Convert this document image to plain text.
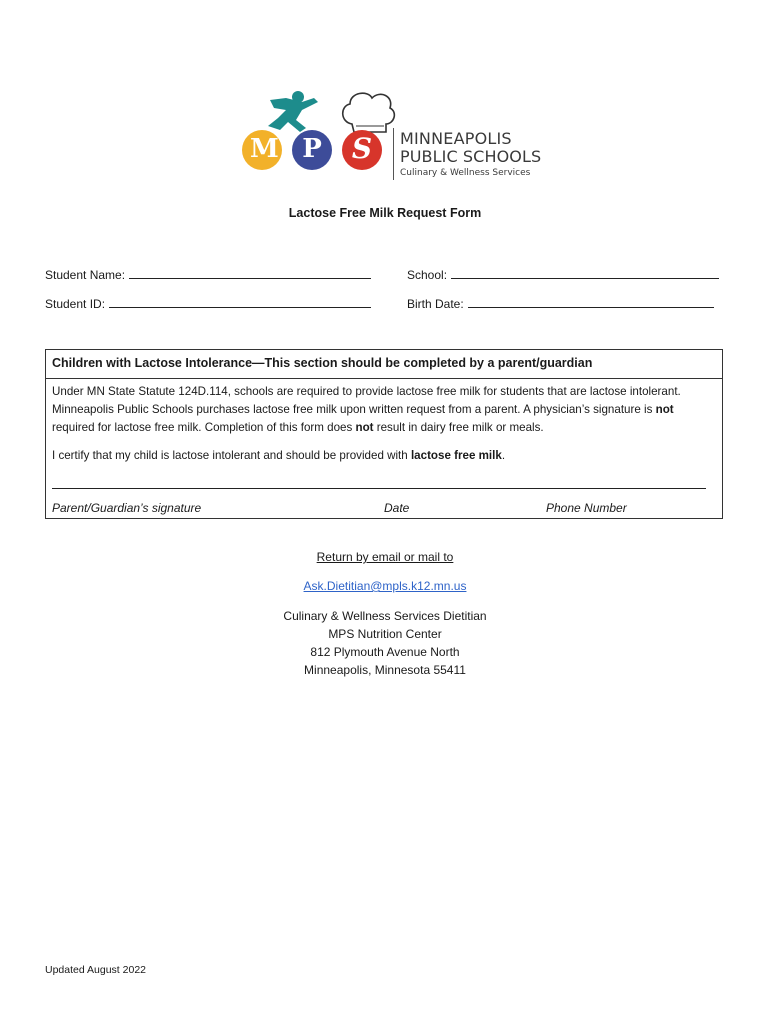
M P S MINNEAPOLIS
PUBLIC SCHOOLS
Culinary & Wellness Services
Lactose Free Milk Request Form
Student Name:	School:
Student ID:	Birth Date:
Children with Lactose Intolerance—This section should be completed by a parent/guardian

Under MN State Statute 124D.114, schools are required to provide lactose free milk for students that are lactose intolerant. Minneapolis Public Schools purchases lactose free milk upon written request from a parent. A physician’s signature is not required for lactose free milk. Completion of this form does not result in dairy free milk or meals.

I certify that my child is lactose intolerant and should be provided with lactose free milk.

Parent/Guardian’s signature	Date	Phone Number
Return by email or mail to
Ask.Dietitian@mpls.k12.mn.us
Culinary & Wellness Services Dietitian
MPS Nutrition Center
812 Plymouth Avenue North
Minneapolis, Minnesota 55411
Updated August 2022
